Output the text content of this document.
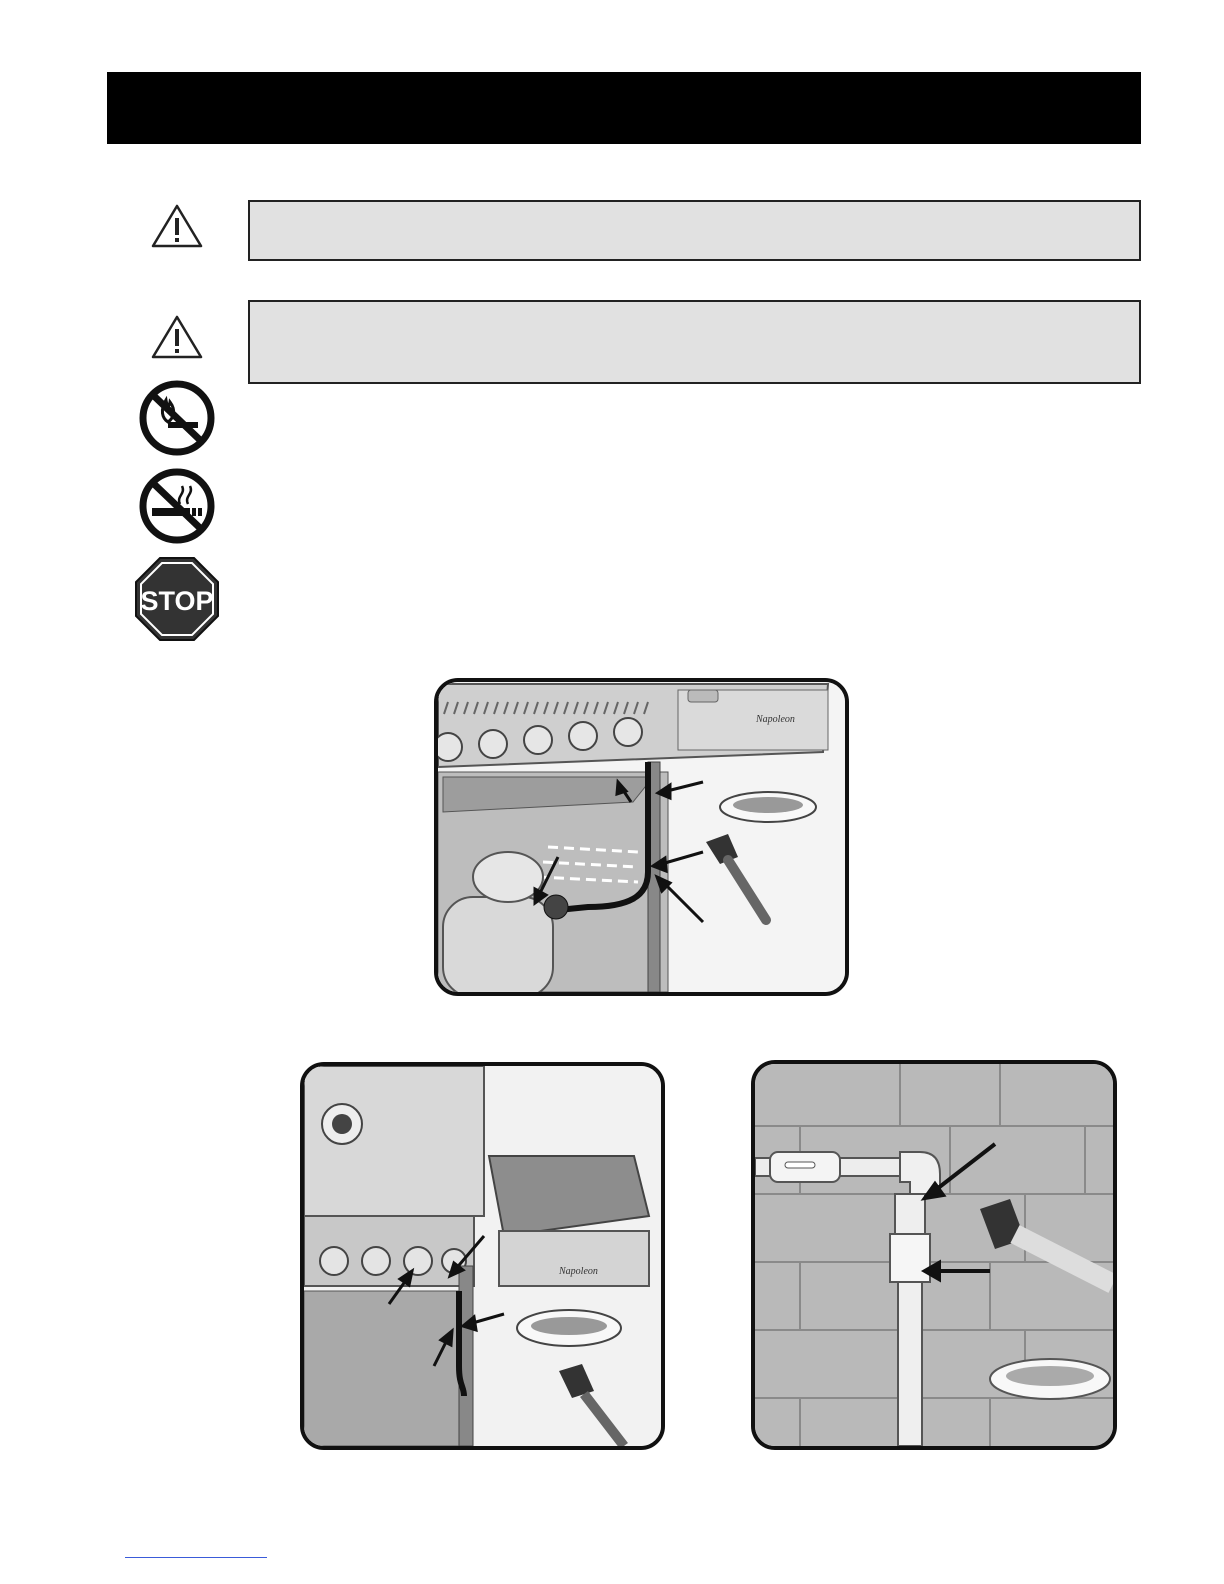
STOP
Napoleon
Napoleon
